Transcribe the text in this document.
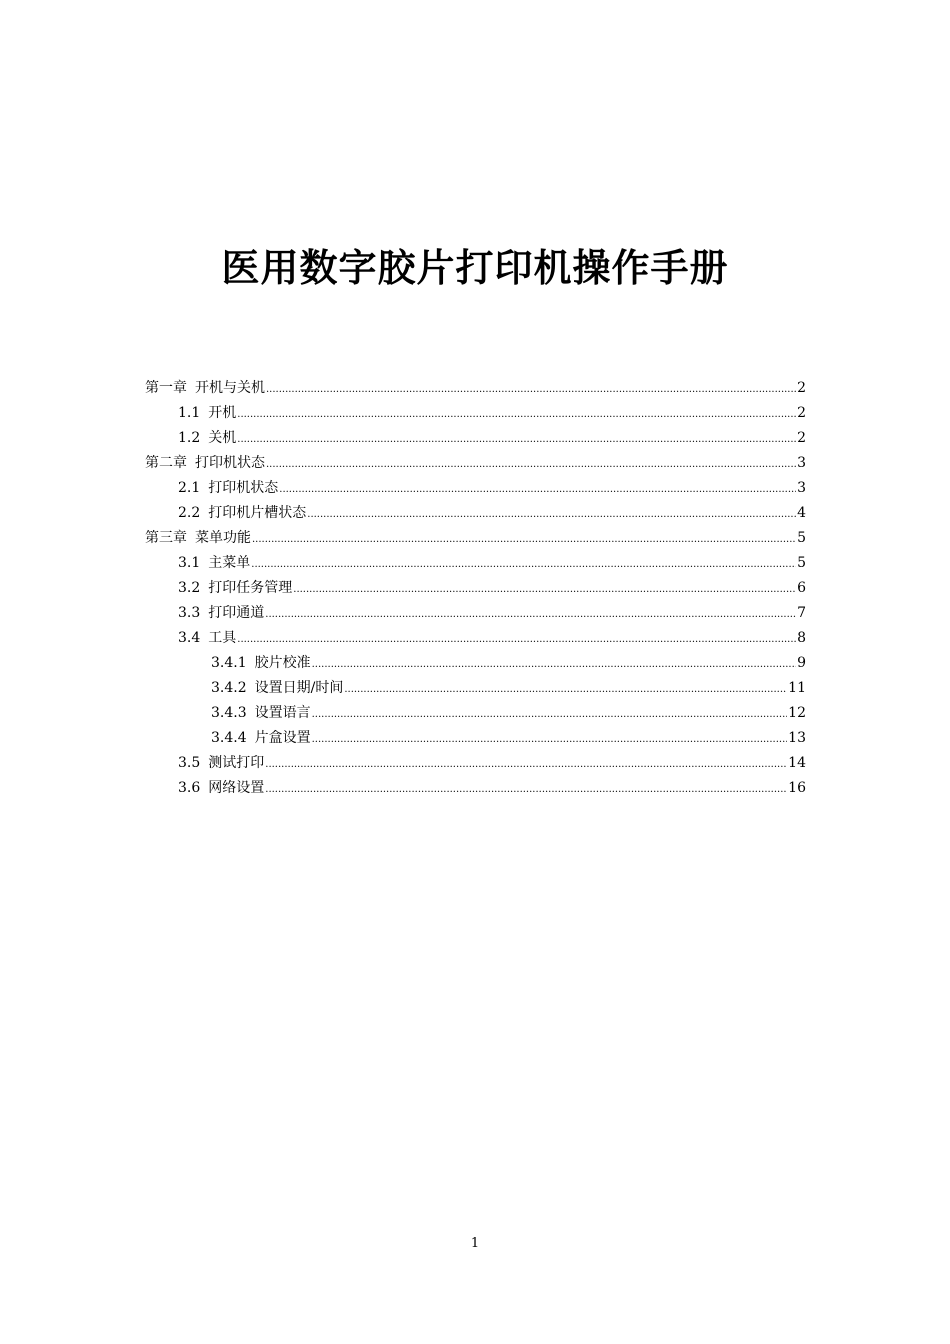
医用数字胶片打印机操作手册
第一章 开机与关机 .....	2
1.1 开机 .....	2
1.2 关机 .....	2
第二章 打印机状态 .....	3
2.1 打印机状态 .....	3
2.2 打印机片槽状态 .....	4
第三章 菜单功能 .....	5
3.1 主菜单 .....	5
3.2 打印任务管理 .....	6
3.3 打印通道 .....	7
3.4 工具 .....	8
3.4.1 胶片校准 .....	9
3.4.2 设置日期/时间 .....	11
3.4.3 设置语言 .....	12
3.4.4 片盒设置 .....	13
3.5 测试打印 .....	14
3.6 网络设置 .....	16
1
